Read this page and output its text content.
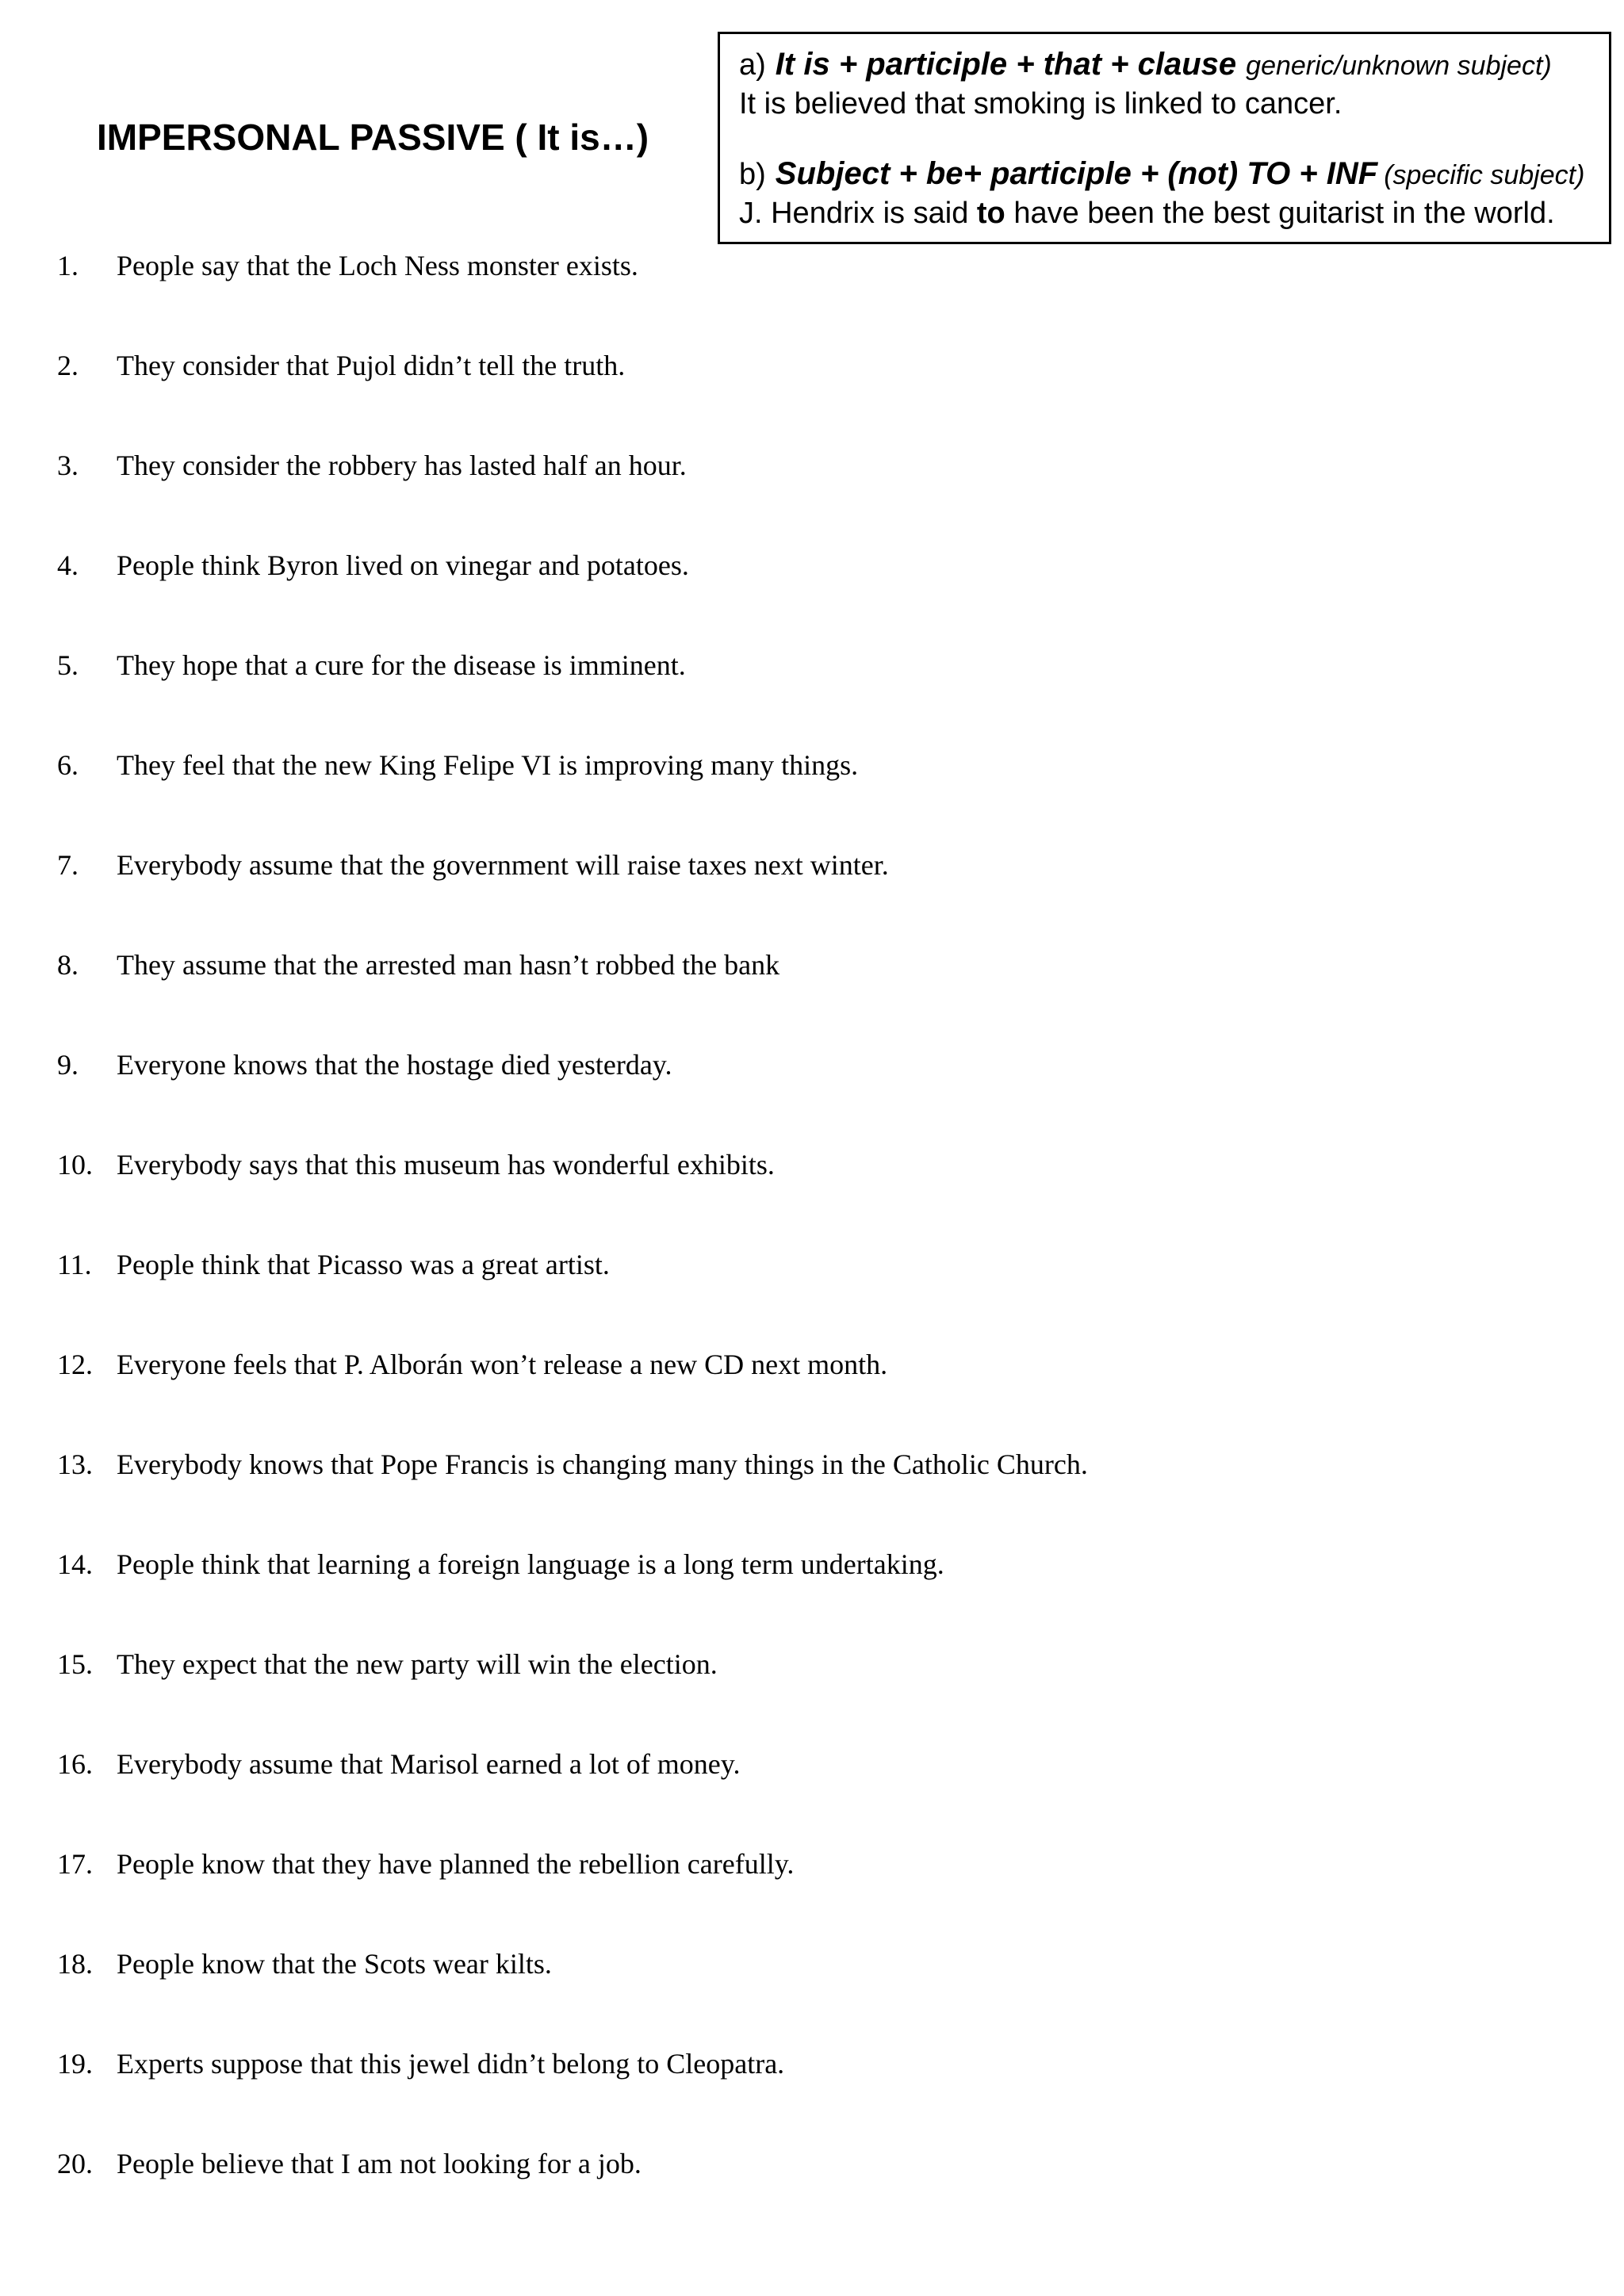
IMPERSONAL PASSIVE ( It is…)
a) It is + participle + that + clause generic/unknown subject)
It is believed that smoking is linked to cancer.
b) Subject + be+ participle + (not) TO + INF (specific subject)
J. Hendrix is said to have been the best guitarist in the world.
1. People say that the Loch Ness monster exists.
2. They consider that Pujol didn’t tell the truth.
3. They consider the robbery has lasted half an hour.
4. People think Byron lived on vinegar and potatoes.
5. They hope that a cure for the disease is imminent.
6. They feel that the new King Felipe VI is improving many things.
7. Everybody assume that the government will raise taxes next winter.
8. They assume that the arrested man hasn’t robbed the bank
9. Everyone knows that the hostage died yesterday.
10. Everybody says that this museum has wonderful exhibits.
11. People think that Picasso was a great artist.
12. Everyone feels that P. Alborán won’t release a new CD next month.
13. Everybody knows that Pope Francis is changing many things in the Catholic Church.
14. People think that learning a foreign language is a long term undertaking.
15. They expect that the new party will win the election.
16. Everybody assume that Marisol earned a lot of money.
17. People know that they have planned the rebellion carefully.
18. People know that the Scots wear kilts.
19. Experts suppose that this jewel didn’t belong to Cleopatra.
20. People believe that I am not looking for a job.
